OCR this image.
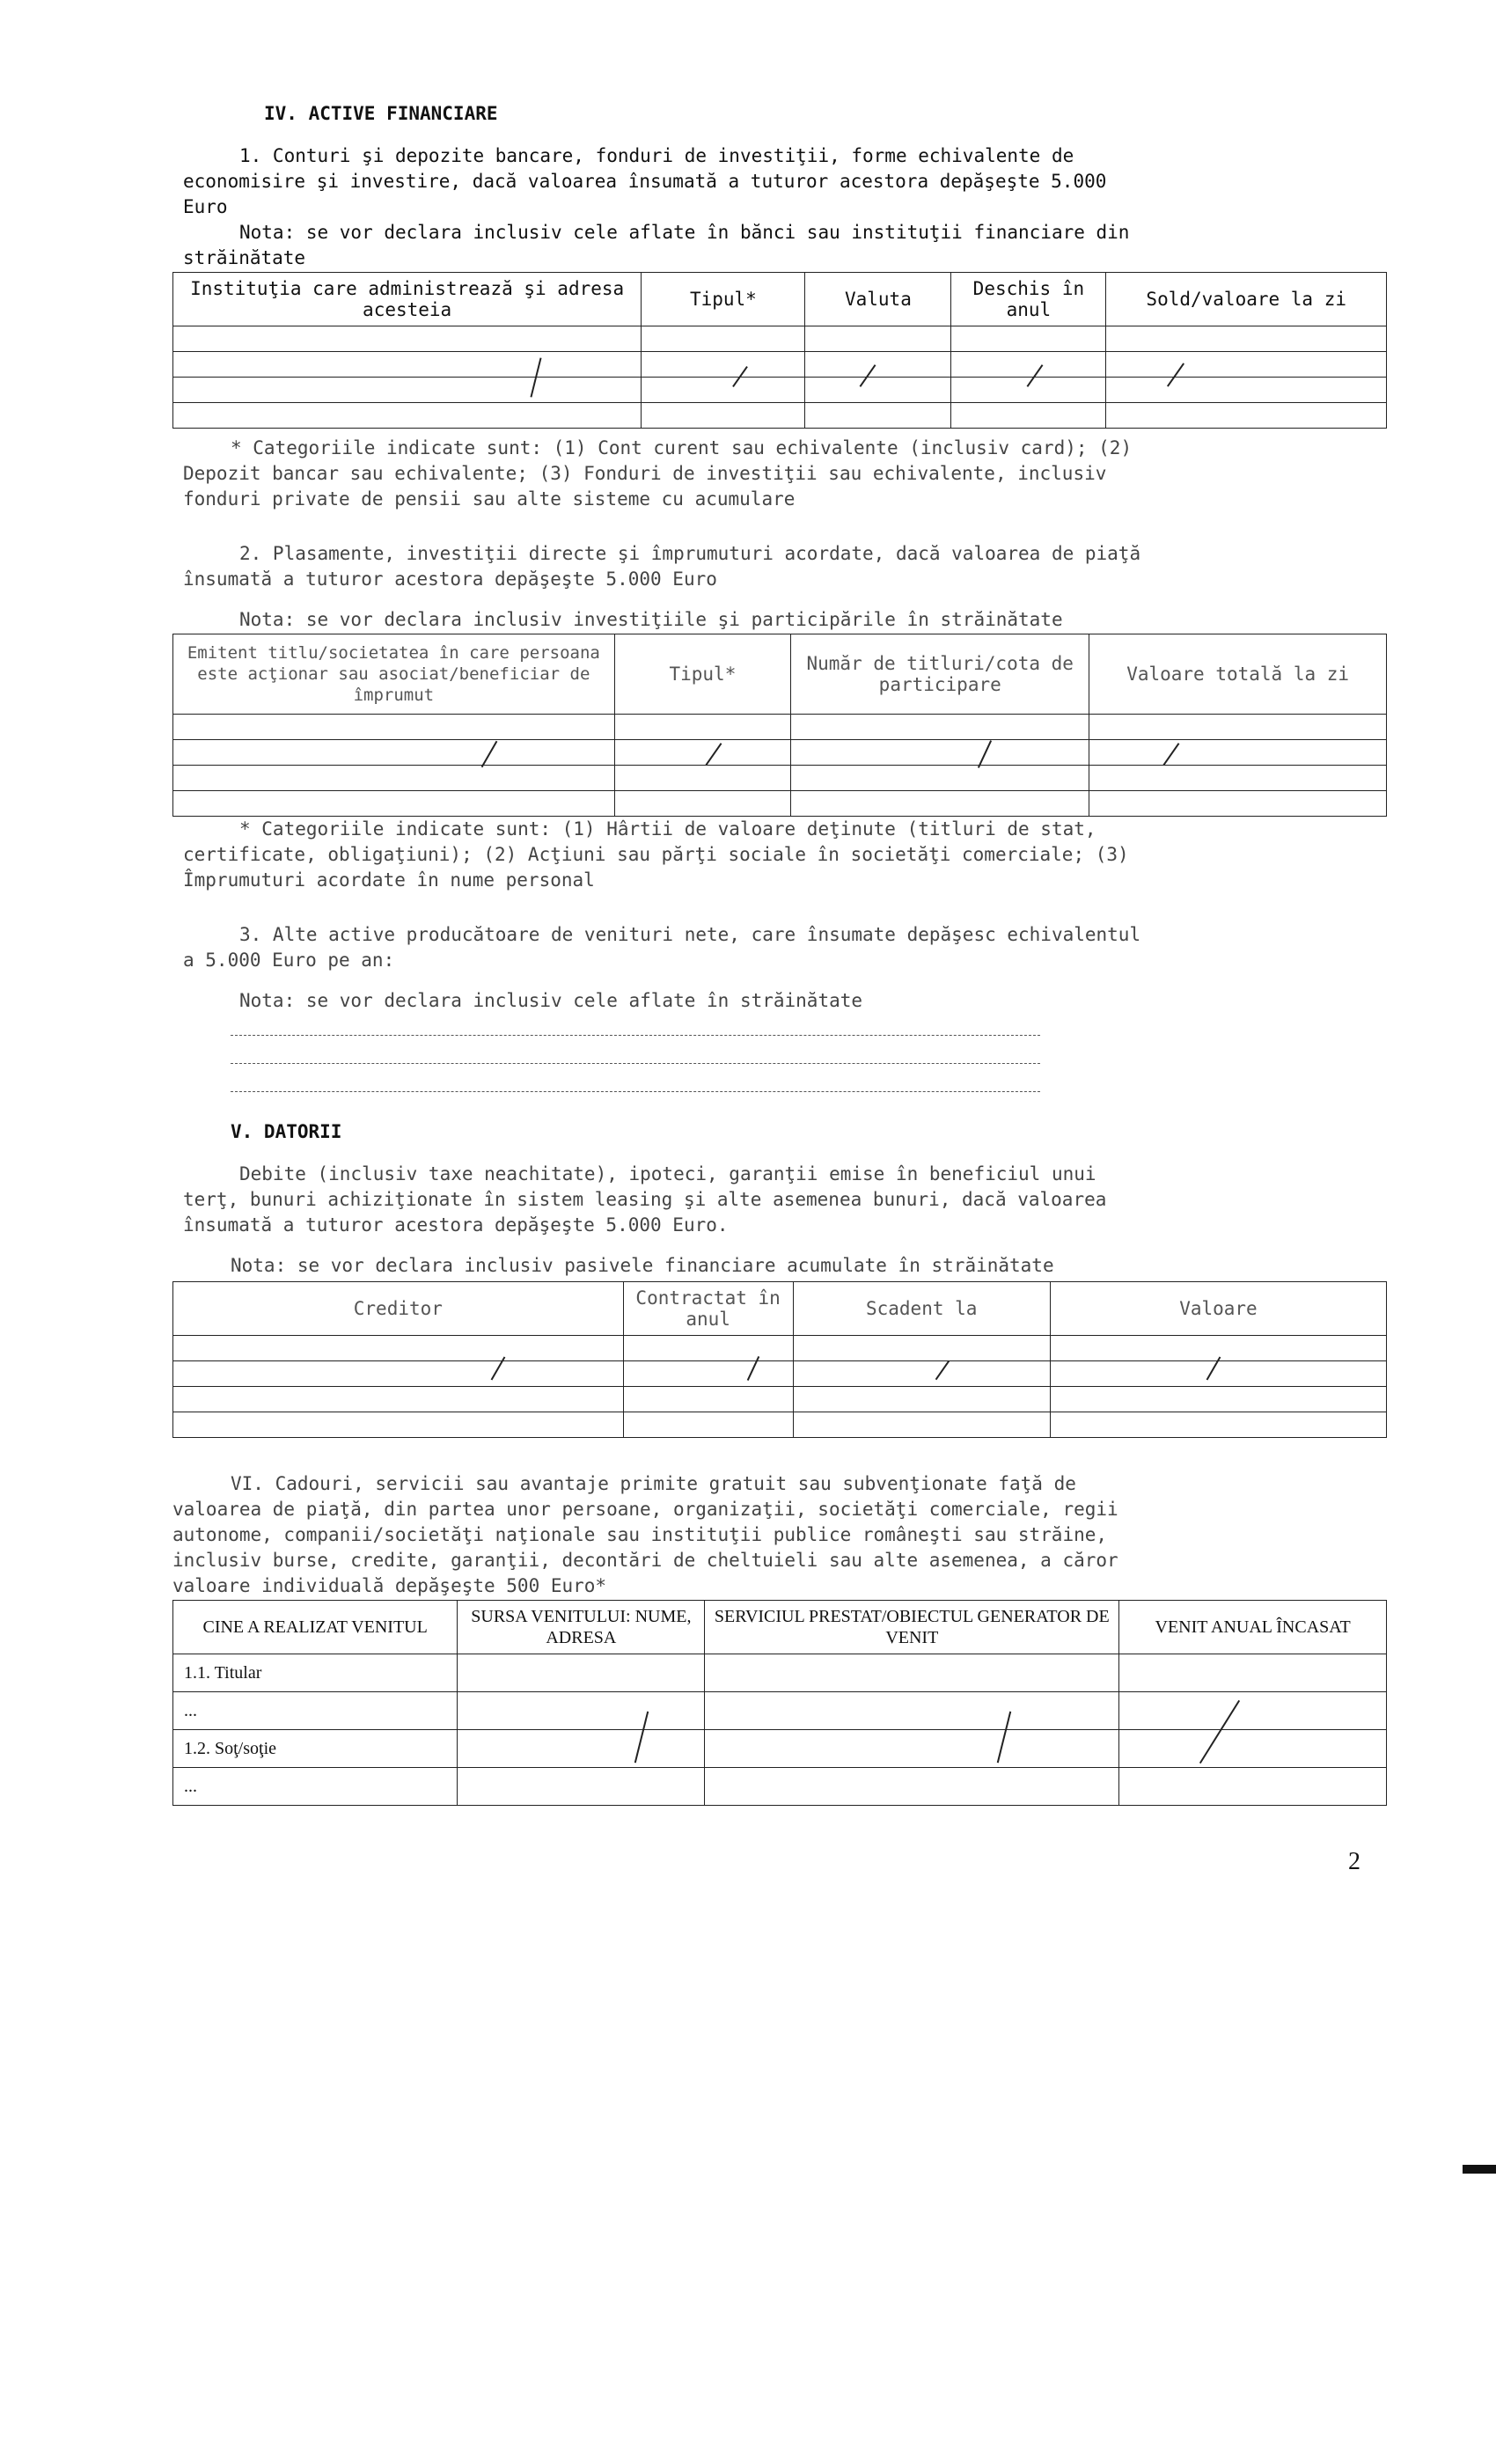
IV. ACTIVE FINANCIARE
1. Conturi şi depozite bancare, fonduri de investiţii, forme echivalente de
economisire şi investire, dacă valoarea însumată a tuturor acestora depăşeşte 5.000
Euro
Nota: se vor declara inclusiv cele aflate în bănci sau instituţii financiare din
străinătate
Instituţia care administrează şi adresa acesteia	Tipul*	Valuta	Deschis în anul	Sold/valoare la zi

* Categoriile indicate sunt: (1) Cont curent sau echivalente (inclusiv card); (2)
Depozit bancar sau echivalente; (3) Fonduri de investiţii sau echivalente, inclusiv
fonduri private de pensii sau alte sisteme cu acumulare
2. Plasamente, investiţii directe şi împrumuturi acordate, dacă valoarea de piaţă
însumată a tuturor acestora depăşeşte 5.000 Euro
Nota: se vor declara inclusiv investiţiile şi participările în străinătate
Emitent titlu/societatea în care persoana este acţionar sau asociat/beneficiar de împrumut	Tipul*	Număr de titluri/cota de participare	Valoare totală la zi

* Categoriile indicate sunt: (1) Hârtii de valoare deţinute (titluri de stat,
certificate, obligaţiuni); (2) Acţiuni sau părţi sociale în societăţi comerciale; (3)
Împrumuturi acordate în nume personal
3. Alte active producătoare de venituri nete, care însumate depăşesc echivalentul
a 5.000 Euro pe an:
Nota: se vor declara inclusiv cele aflate în străinătate
V. DATORII
Debite (inclusiv taxe neachitate), ipoteci, garanţii emise în beneficiul unui
terţ, bunuri achiziţionate în sistem leasing şi alte asemenea bunuri, dacă valoarea
însumată a tuturor acestora depăşeşte 5.000 Euro.
Nota: se vor declara inclusiv pasivele financiare acumulate în străinătate
Creditor	Contractat în anul	Scadent la	Valoare

VI. Cadouri, servicii sau avantaje primite gratuit sau subvenţionate faţă de
valoarea de piaţă, din partea unor persoane, organizaţii, societăţi comerciale, regii
autonome, companii/societăţi naţionale sau instituţii publice româneşti sau străine,
inclusiv burse, credite, garanţii, decontări de cheltuieli sau alte asemenea, a căror
valoare individuală depăşeşte 500 Euro*
CINE A REALIZAT VENITUL	SURSA VENITULUI: NUME, ADRESA	SERVICIUL PRESTAT/OBIECTUL GENERATOR DE VENIT	VENIT ANUAL ÎNCASAT
1.1. Titular			
...			
1.2. Soţ/soţie			
...			
2
